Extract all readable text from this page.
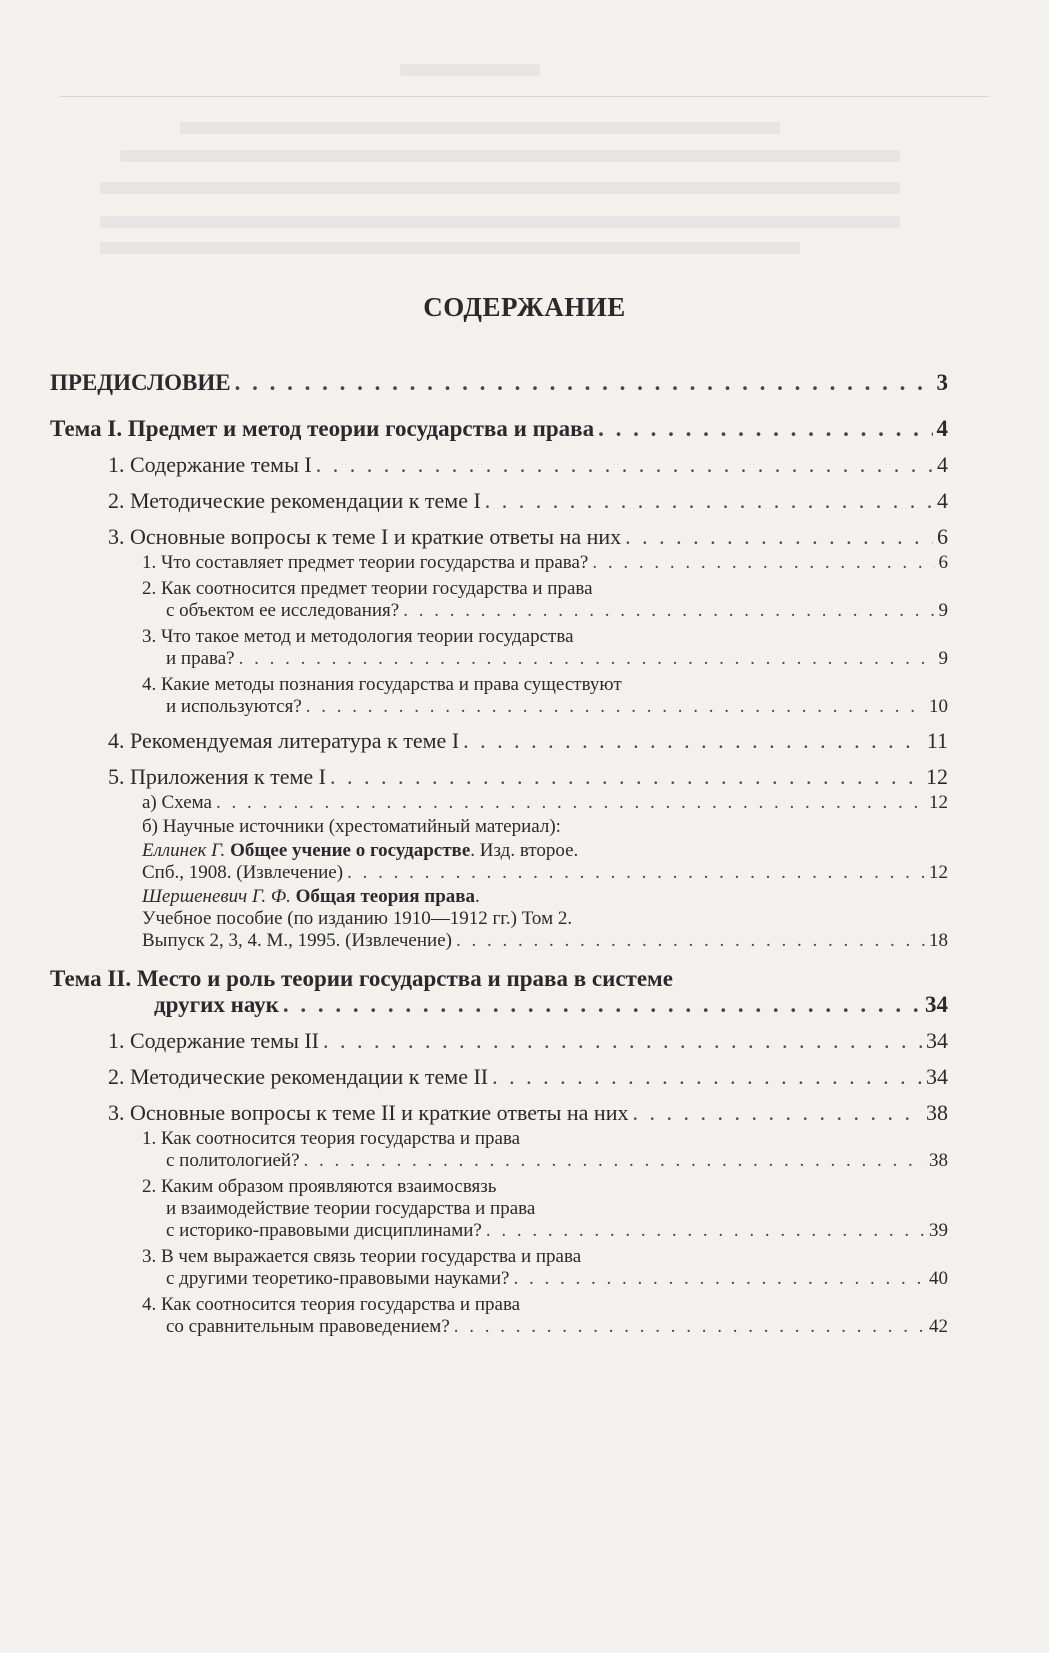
СОДЕРЖАНИЕ
ПРЕДИСЛОВИЕ . . .	3
Тема I. Предмет и метод теории государства и права . . .	4
1. Содержание темы I . . .	4
2. Методические рекомендации к теме I . . .	4
3. Основные вопросы к теме I и краткие ответы на них . . .	6
1. Что составляет предмет теории государства и права? . . .	6
2. Как соотносится предмет теории государства и права
с объектом ее исследования? . . .	9
3. Что такое метод и методология теории государства
и права? . . .	9
4. Какие методы познания государства и права существуют
и используются? . . .	10
4. Рекомендуемая литература к теме I . . .	11
5. Приложения к теме I . . .	12
а) Схема . . .	12
б) Научные источники (хрестоматийный материал):
Еллинек Г. Общее учение о государстве. Изд. второе.
Спб., 1908. (Извлечение) . . .	12
Шершеневич Г. Ф. Общая теория права.
Учебное пособие (по изданию 1910—1912 гг.) Том 2.
Выпуск 2, 3, 4. М., 1995. (Извлечение) . . .	18
Тема II. Место и роль теории государства и права в системе
других наук . . .	34
1. Содержание темы II . . .	34
2. Методические рекомендации к теме II . . .	34
3. Основные вопросы к теме II и краткие ответы на них . . .	38
1. Как соотносится теория государства и права
с политологией? . . .	38
2. Каким образом проявляются взаимосвязь
и взаимодействие теории государства и права
с историко-правовыми дисциплинами? . . .	39
3. В чем выражается связь теории государства и права
с другими теоретико-правовыми науками? . . .	40
4. Как соотносится теория государства и права
со сравнительным правоведением? . . .	42
